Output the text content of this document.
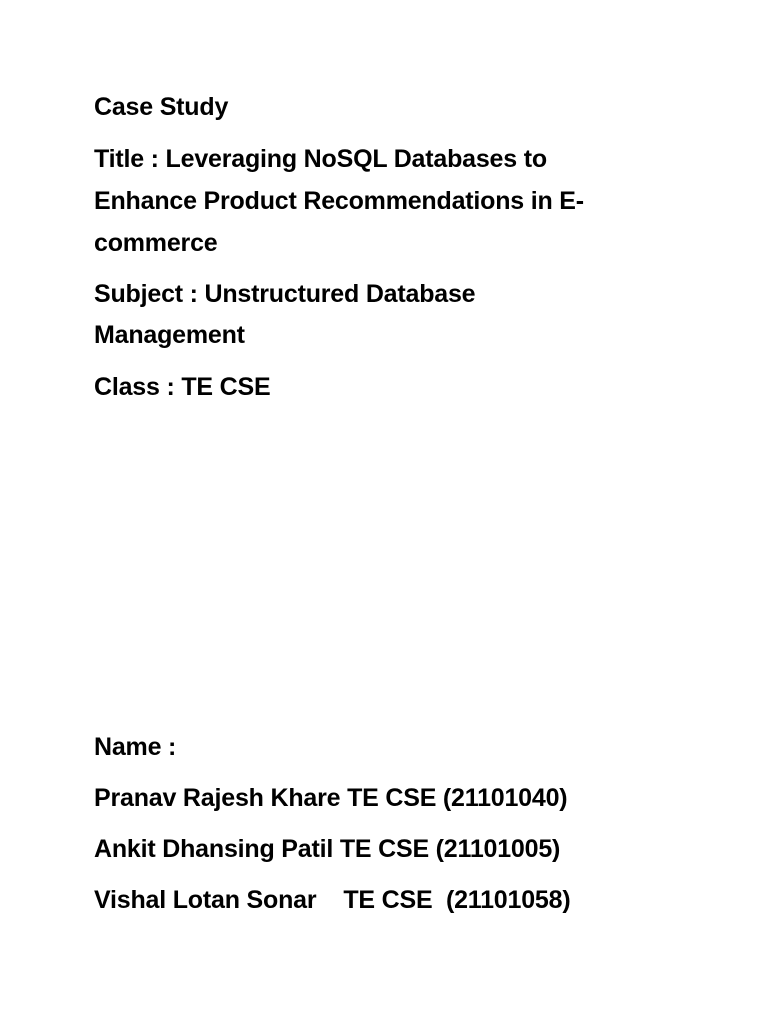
Case Study
Title : Leveraging NoSQL Databases to
Enhance Product Recommendations in E-
commerce
Subject : Unstructured Database
Management
Class : TE CSE
Name :
Pranav Rajesh Khare TE CSE (21101040)
Ankit Dhansing Patil TE CSE (21101005)
Vishal Lotan Sonar    TE CSE  (21101058)
